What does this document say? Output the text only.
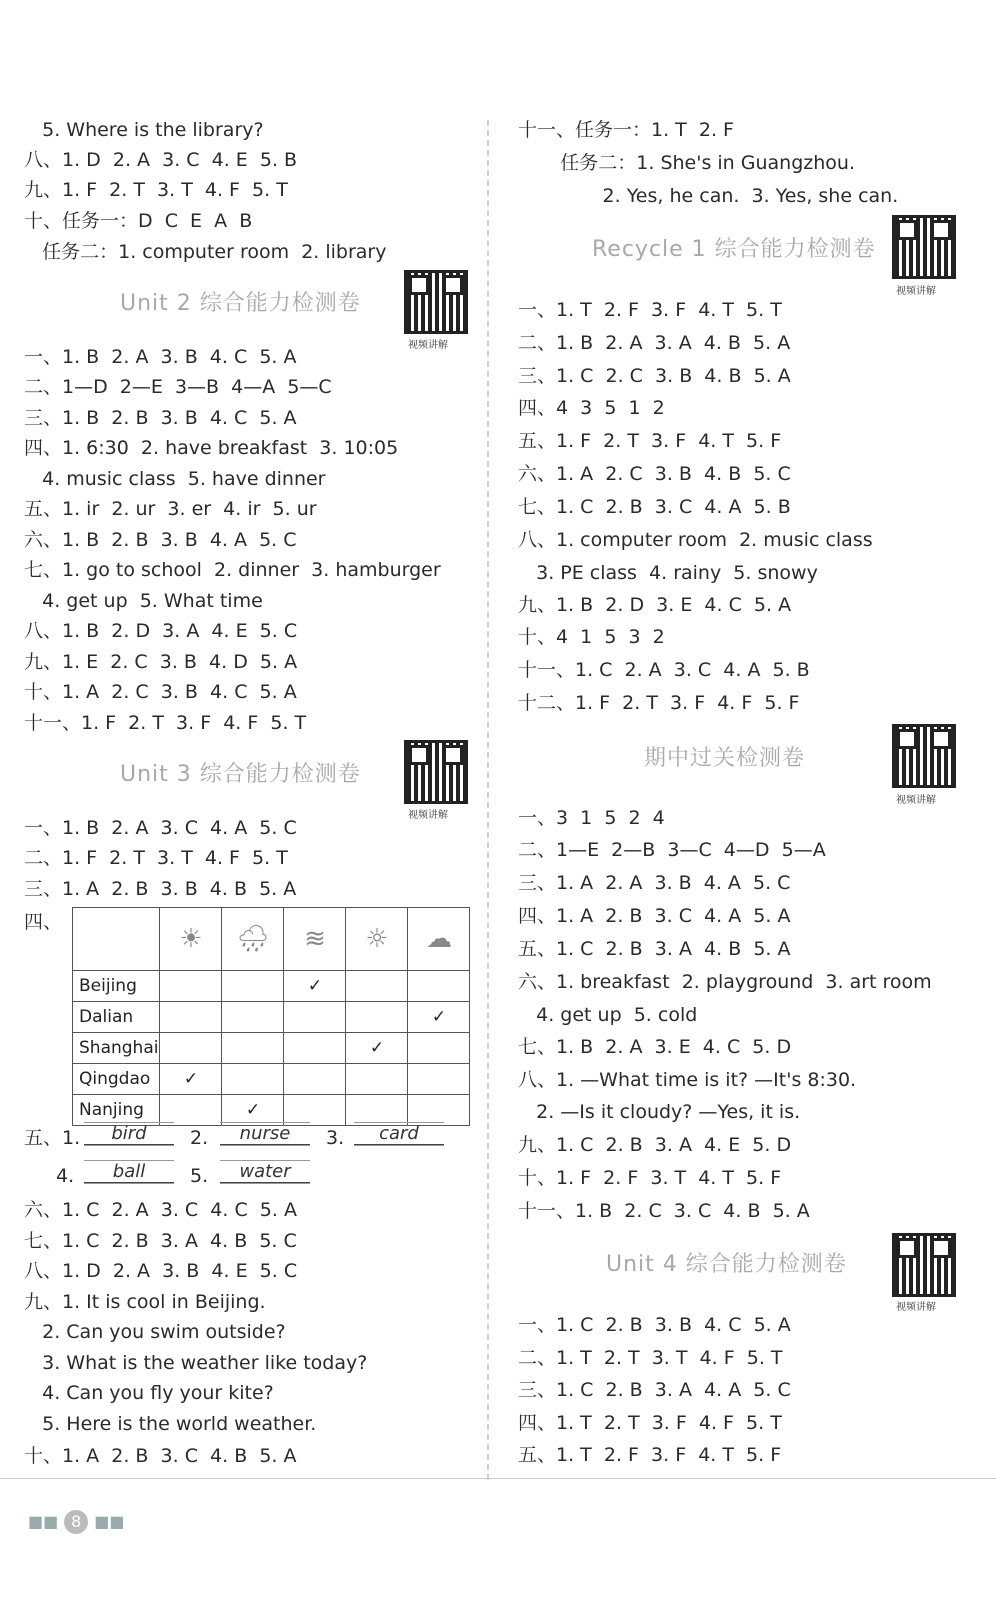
5. Where is the library?
八、1. D  2. A  3. C  4. E  5. B
九、1. F  2. T  3. T  4. F  5. T
十、任务一：D  C  E  A  B
任务二：1. computer room  2. library
Unit 2 综合能力检测卷
视频讲解
一、1. B  2. A  3. B  4. C  5. A
二、1—D  2—E  3—B  4—A  5—C
三、1. B  2. B  3. B  4. C  5. A
四、1. 6:30  2. have breakfast  3. 10:05
4. music class  5. have dinner
五、1. ir  2. ur  3. er  4. ir  5. ur
六、1. B  2. B  3. B  4. A  5. C
七、1. go to school  2. dinner  3. hamburger
4. get up  5. What time
八、1. B  2. D  3. A  4. E  5. C
九、1. E  2. C  3. B  4. D  5. A
十、1. A  2. C  3. B  4. C  5. A
十一、1. F  2. T  3. F  4. F  5. T
Unit 3 综合能力检测卷
视频讲解
一、1. B  2. A  3. C  4. A  5. C
二、1. F  2. T  3. T  4. F  5. T
三、1. A  2. B  3. B  4. B  5. A
四、
	☀	🌧	≋	☼	☁
Beijing			✓		
Dalian					✓
Shanghai				✓	
Qingdao	✓				
Nanjing		✓			
五、1.	bird	2.	nurse	3.	card
4.	ball	5.	water
六、1. C  2. A  3. C  4. C  5. A
七、1. C  2. B  3. A  4. B  5. C
八、1. D  2. A  3. B  4. E  5. C
九、1. It is cool in Beijing.
2. Can you swim outside?
3. What is the weather like today?
4. Can you fly your kite?
5. Here is the world weather.
十、1. A  2. B  3. C  4. B  5. A
十一、任务一：1. T  2. F
任务二：1. She's in Guangzhou.
2. Yes, he can.  3. Yes, she can.
Recycle 1 综合能力检测卷
视频讲解
一、1. T  2. F  3. F  4. T  5. T
二、1. B  2. A  3. A  4. B  5. A
三、1. C  2. C  3. B  4. B  5. A
四、4  3  5  1  2
五、1. F  2. T  3. F  4. T  5. F
六、1. A  2. C  3. B  4. B  5. C
七、1. C  2. B  3. C  4. A  5. B
八、1. computer room  2. music class
3. PE class  4. rainy  5. snowy
九、1. B  2. D  3. E  4. C  5. A
十、4  1  5  3  2
十一、1. C  2. A  3. C  4. A  5. B
十二、1. F  2. T  3. F  4. F  5. F
期中过关检测卷
视频讲解
一、3  1  5  2  4
二、1—E  2—B  3—C  4—D  5—A
三、1. A  2. A  3. B  4. A  5. C
四、1. A  2. B  3. C  4. A  5. A
五、1. C  2. B  3. A  4. B  5. A
六、1. breakfast  2. playground  3. art room
4. get up  5. cold
七、1. B  2. A  3. E  4. C  5. D
八、1. —What time is it? —It's 8:30.
2. —Is it cloudy? —Yes, it is.
九、1. C  2. B  3. A  4. E  5. D
十、1. F  2. F  3. T  4. T  5. F
十一、1. B  2. C  3. C  4. B  5. A
Unit 4 综合能力检测卷
视频讲解
一、1. C  2. B  3. B  4. C  5. A
二、1. T  2. T  3. T  4. F  5. T
三、1. C  2. B  3. A  4. A  5. C
四、1. T  2. T  3. F  4. F  5. T
五、1. T  2. F  3. F  4. T  5. F
■■ 8 ■■
